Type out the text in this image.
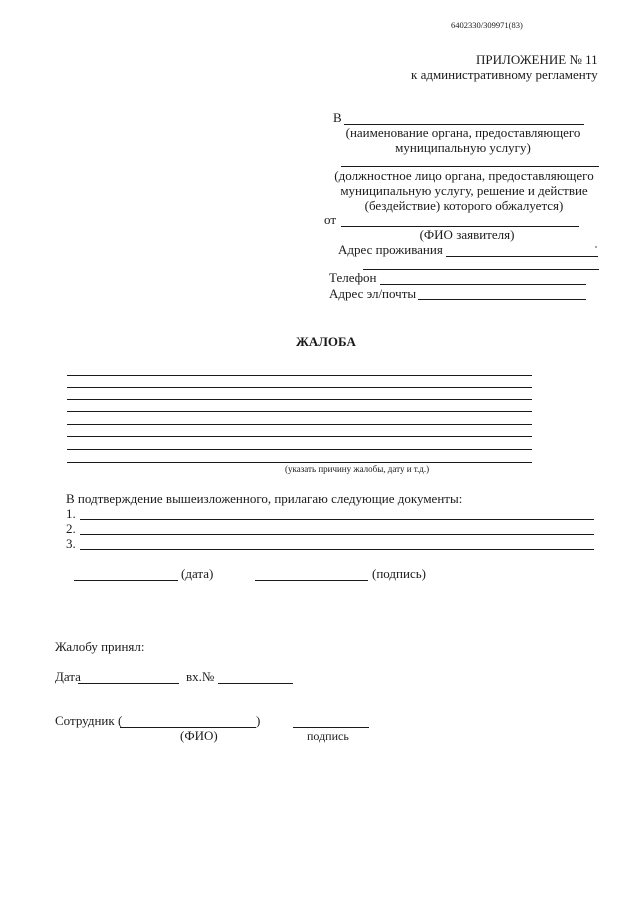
6402330/309971(83)
ПРИЛОЖЕНИЕ № 11
к административному регламенту
В
(наименование органа, предоставляющего
муниципальную услугу)
(должностное лицо органа, предоставляющего
муниципальную услугу, решение и действие
(бездействие) которого обжалуется)
от
(ФИО заявителя)
Адрес проживания
Телефон
Адрес эл/почты
ЖАЛОБА
(указать причину жалобы, дату и т.д.)
В подтверждение вышеизложенного, прилагаю следующие документы:
1.
2.
3.
(дата)	(подпись)
Жалобу принял:
Дата	вх.№
Сотрудник (	)
(ФИО)	подпись
